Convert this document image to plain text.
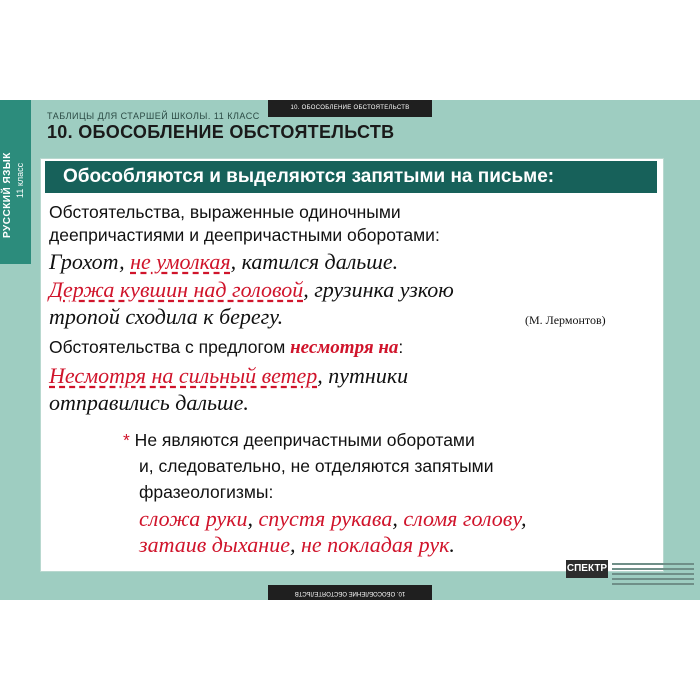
РУССКИЙ ЯЗЫК 11 класс
10. ОБОСОБЛЕНИЕ ОБСТОЯТЕЛЬСТВ
ТАБЛИЦЫ ДЛЯ СТАРШЕЙ ШКОЛЫ. 11 КЛАСС
10. ОБОСОБЛЕНИЕ ОБСТОЯТЕЛЬСТВ
Обособляются и выделяются запятыми на письме:
Обстоятельства, выраженные одиночными
деепричастиями и деепричастными оборотами:
Грохот, не умолкая, катился дальше.
Держа кувшин над головой, грузинка узкою
тропой сходила к берегу.	(М. Лермонтов)
Обстоятельства с предлогом несмотря на:
Несмотря на сильный ветер, путники
отправились дальше.
* Не являются деепричастными оборотами
и, следовательно, не отделяются запятыми
фразеологизмы:
сложа руки, спустя рукава, сломя голову,
затаив дыхание, не покладая рук.
СПЕКТР
10. ОБОСОБЛЕНИЕ ОБСТОЯТЕЛЬСТВ
